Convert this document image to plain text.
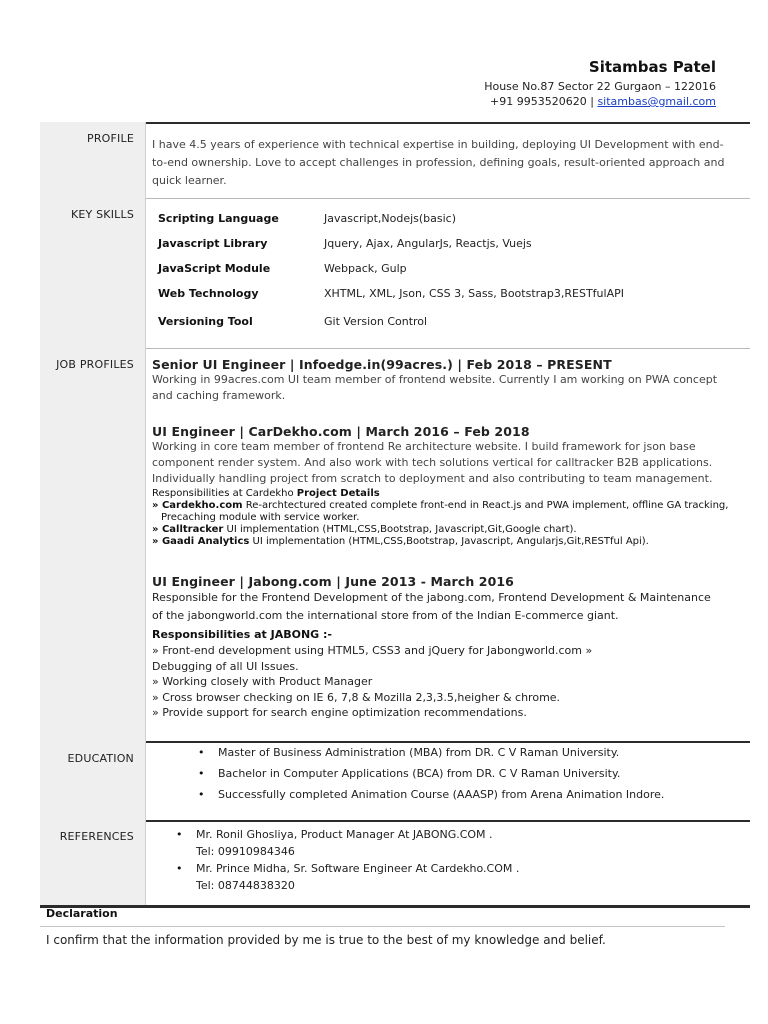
Sitambas Patel
House No.87 Sector 22 Gurgaon – 122016
+91 9953520620 | sitambas@gmail.com
PROFILE I have 4.5 years of experience with technical expertise in building, deploying UI Development with end-
to-end ownership. Love to accept challenges in profession, defining goals, result-oriented approach and
quick learner.
KEY SKILLS Scripting Language	Javascript,Nodejs(basic)
Javascript Library	Jquery, Ajax, AngularJs, Reactjs, Vuejs
JavaScript Module	Webpack, Gulp
Web Technology	XHTML, XML, Json, CSS 3, Sass, Bootstrap3,RESTfulAPI
Versioning Tool	Git Version Control
JOB PROFILES Senior UI Engineer | Infoedge.in(99acres.) | Feb 2018 – PRESENT
Working in 99acres.com UI team member of frontend website. Currently I am working on PWA concept
and caching framework.
UI Engineer | CarDekho.com | March 2016 – Feb 2018
Working in core team member of frontend Re architecture website. I build framework for json base
component render system. And also work with tech solutions vertical for calltracker B2B applications.
Individually handling project from scratch to deployment and also contributing to team management.
Responsibilities at Cardekho Project Details
» Cardekho.com Re-archtectured created complete front-end in React.js and PWA implement, offline GA tracking,
Precaching module with service worker.
» Calltracker UI implementation (HTML,CSS,Bootstrap, Javascript,Git,Google chart).
» Gaadi Analytics UI implementation (HTML,CSS,Bootstrap, Javascript, Angularjs,Git,RESTful Api).
UI Engineer | Jabong.com | June 2013 - March 2016
Responsible for the Frontend Development of the jabong.com, Frontend Development & Maintenance
of the jabongworld.com the international store from of the Indian E-commerce giant.
Responsibilities at JABONG :-
» Front-end development using HTML5, CSS3 and jQuery for Jabongworld.com »
Debugging of all UI Issues.
» Working closely with Product Manager
» Cross browser checking on IE 6, 7,8 & Mozilla 2,3,3.5,heigher & chrome.
» Provide support for search engine optimization recommendations.
EDUCATION	• Master of Business Administration (MBA) from DR. C V Raman University.
• Bachelor in Computer Applications (BCA) from DR. C V Raman University.
• Successfully completed Animation Course (AAASP) from Arena Animation Indore.
REFERENCES	• Mr. Ronil Ghosliya, Product Manager At JABONG.COM .
Tel: 09910984346
• Mr. Prince Midha, Sr. Software Engineer At Cardekho.COM .
Tel: 08744838320
Declaration
I confirm that the information provided by me is true to the best of my knowledge and belief.
